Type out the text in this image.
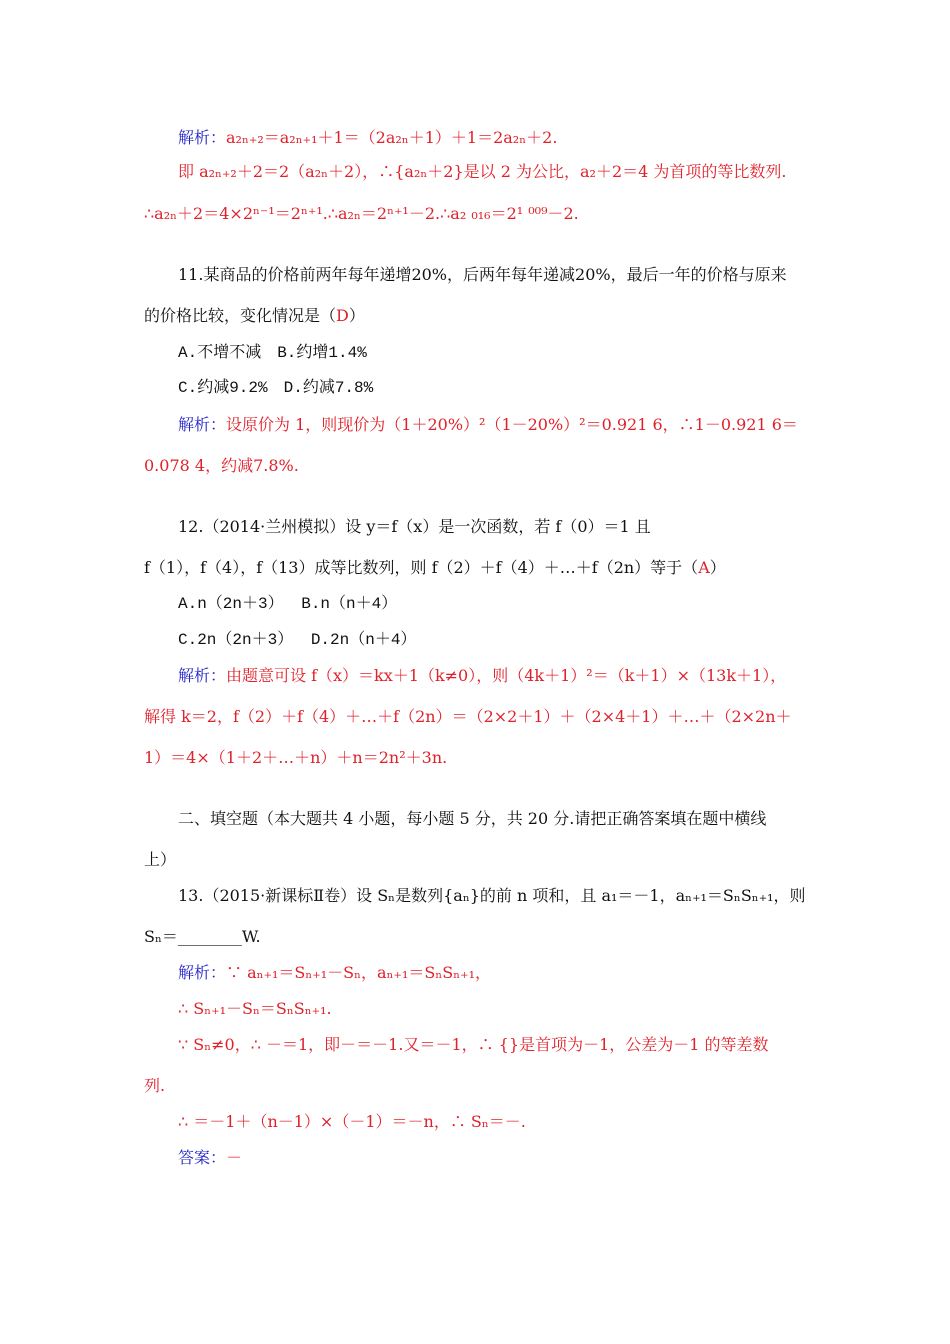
解析：a₂ₙ₊₂＝a₂ₙ₊₁＋1＝（2a₂ₙ＋1）＋1＝2a₂ₙ＋2.
即 a₂ₙ₊₂＋2＝2（a₂ₙ＋2），∴{a₂ₙ＋2}是以 2 为公比，a₂＋2＝4 为首项的等比数列.
∴a₂ₙ＋2＝4×2ⁿ⁻¹＝2ⁿ⁺¹.∴a₂ₙ＝2ⁿ⁺¹－2.∴a₂ ₀₁₆＝2¹ ⁰⁰⁹－2.
11.某商品的价格前两年每年递增20%，后两年每年递减20%，最后一年的价格与原来
的价格比较，变化情况是（D）
A.不增不减　B.约增1.4%
C.约减9.2%　D.约减7.8%
解析：设原价为 1，则现价为（1＋20%）²（1－20%）²＝0.921 6，∴1－0.921 6＝
0.078 4，约减7.8%.
12.（2014·兰州模拟）设 y＝f（x）是一次函数，若 f（0）＝1 且
f（1），f（4），f（13）成等比数列，则 f（2）＋f（4）＋…＋f（2n）等于（A）
A.n（2n＋3）　 B.n（n＋4）
C.2n（2n＋3）　 D.2n（n＋4）
解析：由题意可设 f（x）＝kx＋1（k≠0），则（4k＋1）²＝（k＋1）×（13k＋1），
解得 k＝2，f（2）＋f（4）＋…＋f（2n）＝（2×2＋1）＋（2×4＋1）＋…＋（2×2n＋
1）＝4×（1＋2＋…＋n）＋n＝2n²＋3n.
二、填空题（本大题共 4 小题，每小题 5 分，共 20 分.请把正确答案填在题中横线
上）
13.（2015·新课标Ⅱ卷）设 Sₙ是数列{aₙ}的前 n 项和，且 a₁＝－1，aₙ₊₁＝SₙSₙ₊₁，则
Sₙ＝________W.
解析：∵ aₙ₊₁＝Sₙ₊₁－Sₙ，aₙ₊₁＝SₙSₙ₊₁，
∴ Sₙ₊₁－Sₙ＝SₙSₙ₊₁.
∵ Sₙ≠0，∴ －＝1，即－＝－1.又＝－1，∴ {}是首项为－1，公差为－1 的等差数
列.
∴ ＝－1＋（n－1）×（－1）＝－n，∴ Sₙ＝－.
答案：－
